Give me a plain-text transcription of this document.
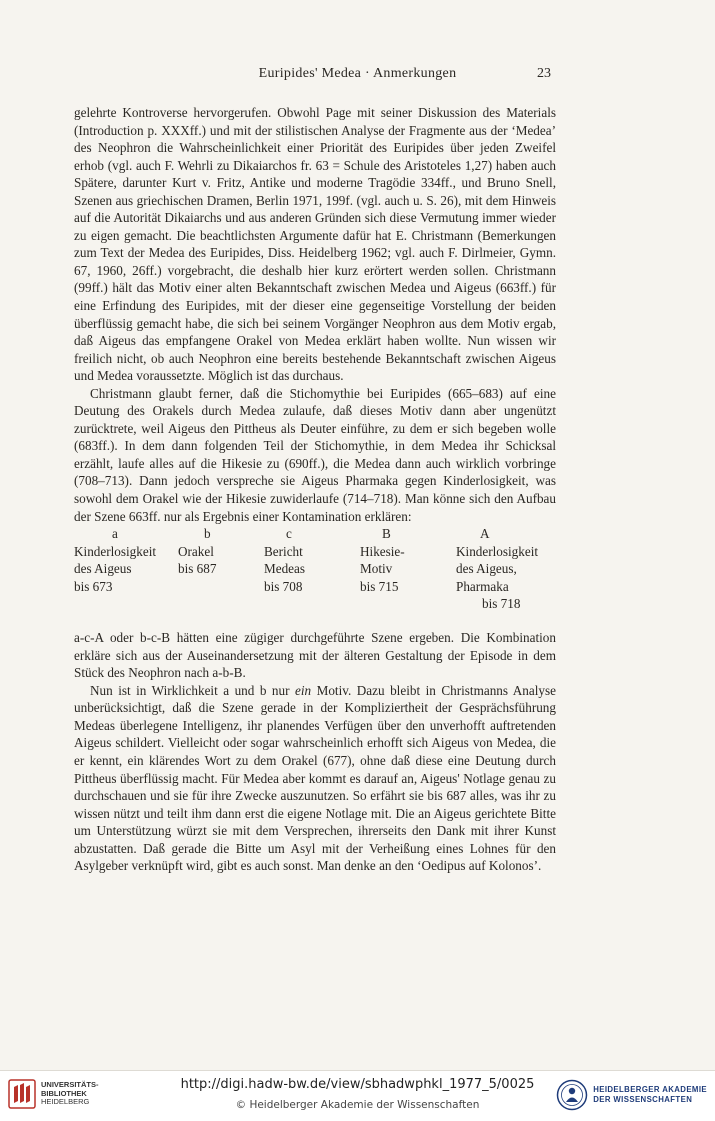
Euripides' Medea · Anmerkungen	23

gelehrte Kontroverse hervorgerufen. Obwohl Page mit seiner Diskussion des Materials (Introduction p. XXXff.) und mit der stilistischen Analyse der Fragmente aus der ‘Medea’ des Neophron die Wahrscheinlichkeit einer Priorität des Euripides über jeden Zweifel erhob (vgl. auch F. Wehrli zu Dikaiarchos fr. 63 = Schule des Aristoteles 1,27) haben auch Spätere, darunter Kurt v. Fritz, Antike und moderne Tragödie 334ff., und Bruno Snell, Szenen aus griechischen Dramen, Berlin 1971, 199f. (vgl. auch u. S. 26), mit dem Hinweis auf die Autorität Dikaiarchs und aus anderen Gründen sich diese Vermutung immer wieder zu eigen gemacht. Die beachtlichsten Argumente dafür hat E. Christmann (Bemerkungen zum Text der Medea des Euripides, Diss. Heidelberg 1962; vgl. auch F. Dirlmeier, Gymn. 67, 1960, 26ff.) vorgebracht, die deshalb hier kurz erörtert werden sollen. Christmann (99ff.) hält das Motiv einer alten Bekanntschaft zwischen Medea und Aigeus (663ff.) für eine Erfindung des Euripides, mit der dieser eine gegenseitige Vorstellung der beiden überflüssig gemacht habe, die sich bei seinem Vorgänger Neophron aus dem Motiv ergab, daß Aigeus das empfangene Orakel von Medea erklärt haben wollte. Nun wissen wir freilich nicht, ob auch Neophron eine bereits bestehende Bekanntschaft zwischen Aigeus und Medea voraussetzte. Möglich ist das durchaus.

Christmann glaubt ferner, daß die Stichomythie bei Euripides (665–683) auf eine Deutung des Orakels durch Medea zulaufe, daß dieses Motiv dann aber ungenützt zurücktrete, weil Aigeus den Pittheus als Deuter einführe, zu dem er sich begeben wolle (683ff.). In dem dann folgenden Teil der Stichomythie, in dem Medea ihr Schicksal erzählt, laufe alles auf die Hikesie zu (690ff.), die Medea dann auch wirklich vorbringe (708–713). Dann jedoch verspreche sie Aigeus Pharmaka gegen Kinderlosigkeit, was sowohl dem Orakel wie der Hikesie zuwiderlaufe (714–718). Man könne sich den Aufbau der Szene 663ff. nur als Ergebnis einer Kontamination erklären:

a
Kinderlosigkeit
des Aigeus
bis 673
b
Orakel
bis 687
c
Bericht
Medeas
bis 708
B
Hikesie-
Motiv
bis 715
A
Kinderlosigkeit
des Aigeus,
Pharmaka
bis 718

a-c-A oder b-c-B hätten eine zügiger durchgeführte Szene ergeben. Die Kombination erkläre sich aus der Auseinandersetzung mit der älteren Gestaltung der Episode in dem Stück des Neophron nach a-b-B.

Nun ist in Wirklichkeit a und b nur ein Motiv. Dazu bleibt in Christmanns Analyse unberücksichtigt, daß die Szene gerade in der Kompliziertheit der Gesprächsführung Medeas überlegene Intelligenz, ihr planendes Verfügen über den unverhofft auftretenden Aigeus schildert. Vielleicht oder sogar wahrscheinlich erhofft sich Aigeus von Medea, die er kennt, ein klärendes Wort zu dem Orakel (677), ohne daß diese eine Deutung durch Pittheus überflüssig macht. Für Medea aber kommt es darauf an, Aigeus' Notlage genau zu durchschauen und sie für ihre Zwecke auszunutzen. So erfährt sie bis 687 alles, was ihr zu wissen nützt und teilt ihm dann erst die eigene Notlage mit. Die an Aigeus gerichtete Bitte um Unterstützung würzt sie mit dem Versprechen, ihrerseits den Dank mit ihrer Kunst abzustatten. Daß gerade die Bitte um Asyl mit der Verheißung eines Lohnes für den Asylgeber verknüpft wird, gibt es auch sonst. Man denke an den ‘Oedipus auf Kolonos’.

UNIVERSITÄTS-
BIBLIOTHEK
HEIDELBERG
http://digi.hadw-bw.de/view/sbhadwphkl_1977_5/0025
© Heidelberger Akademie der Wissenschaften
HEIDELBERGER AKADEMIE
DER WISSENSCHAFTEN
